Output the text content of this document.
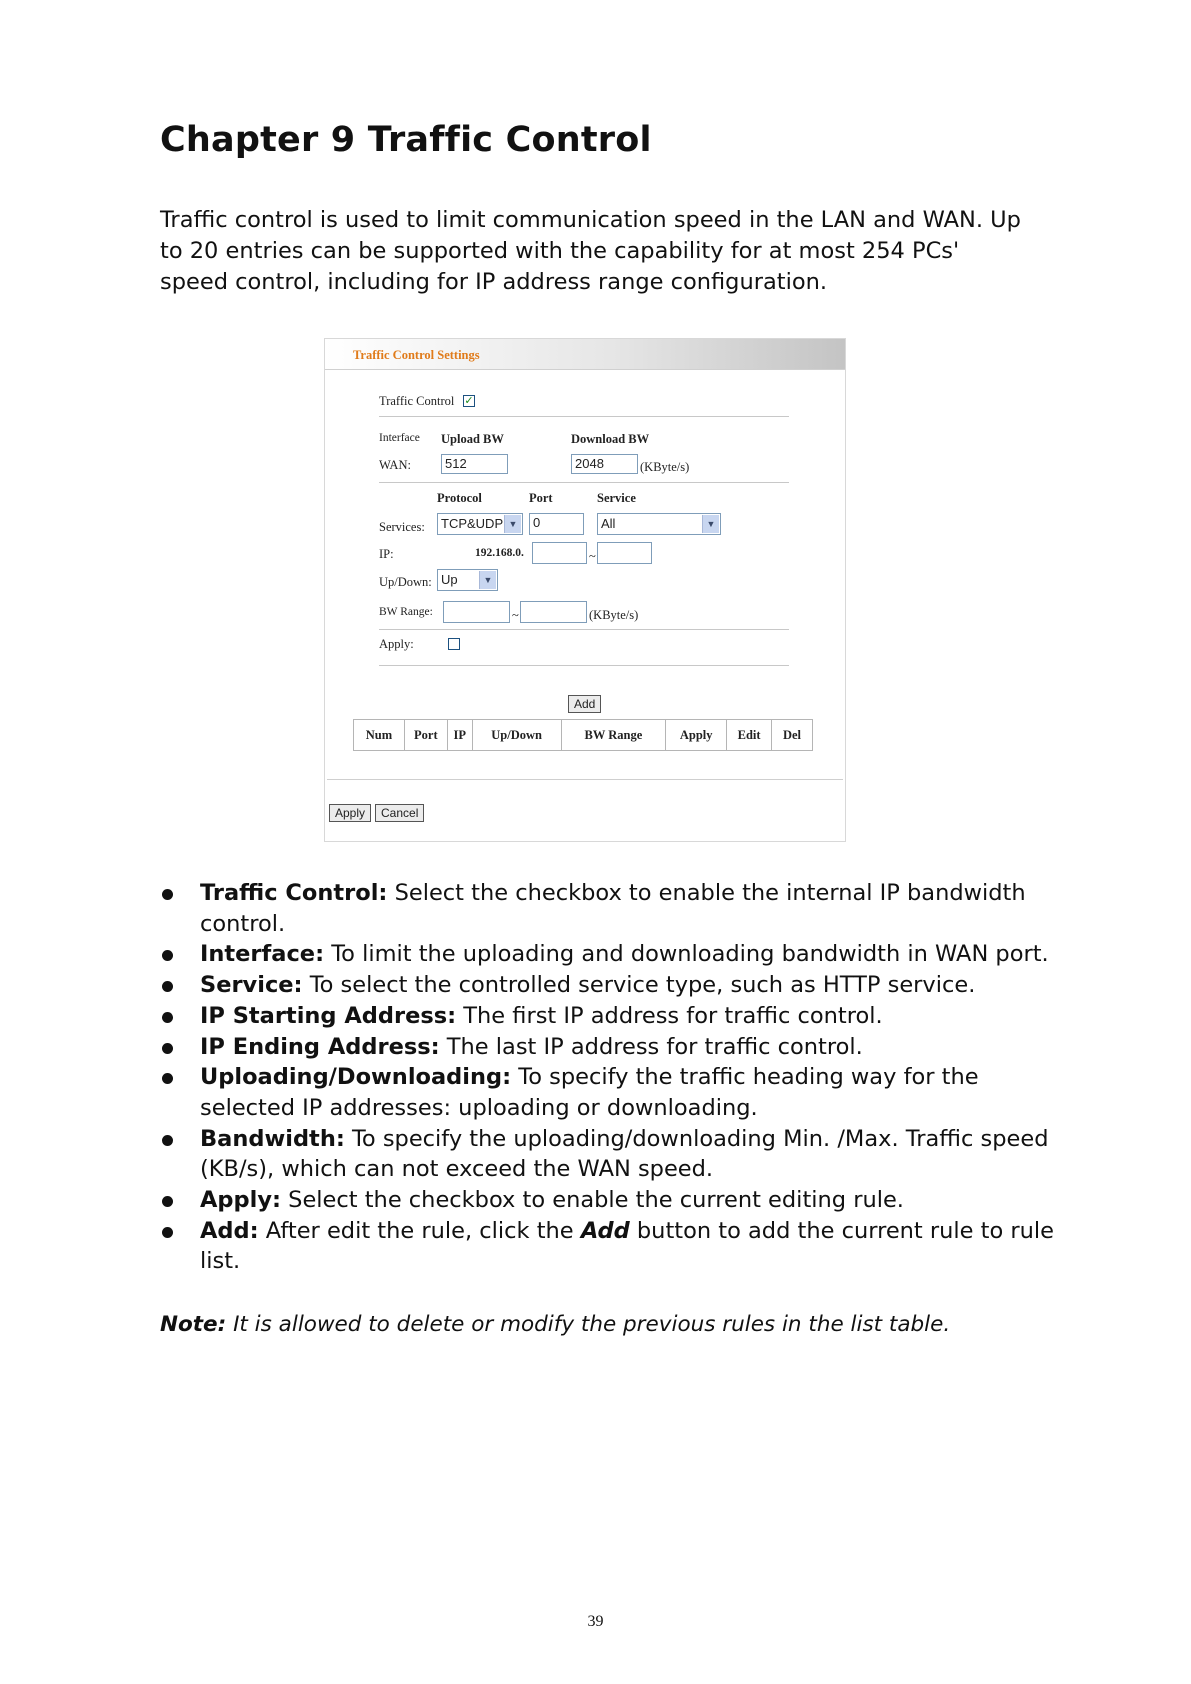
Chapter 9 Traffic Control

Traffic control is used to limit communication speed in the LAN and WAN. Up to 20 entries can be supported with the capability for at most 254 PCs' speed control, including for IP address range configuration.

Traffic Control Settings
Traffic Control ✓
Interface Upload BW	Download BW
WAN:	512	2048	(KByte/s)
Protocol	Port	Service
Services:	TCP&UDP ▼	0	All	▼
IP:	192.168.0.	~
Up/Down: Up	▼
BW Range:	~	(KByte/s)
Apply:
Add
Num	Port	IP	Up/Down	BW Range	Apply	Edit	Del
Apply	Cancel
Traffic Control: Select the checkbox to enable the internal IP bandwidth control.
Interface: To limit the uploading and downloading bandwidth in WAN port.
Service: To select the controlled service type, such as HTTP service.
IP Starting Address: The first IP address for traffic control.
IP Ending Address: The last IP address for traffic control.
Uploading/Downloading: To specify the traffic heading way for the selected IP addresses: uploading or downloading.
Bandwidth: To specify the uploading/downloading Min. /Max. Traffic speed (KB/s), which can not exceed the WAN speed.
Apply: Select the checkbox to enable the current editing rule.
Add: After edit the rule, click the Add button to add the current rule to rule list.

Note: It is allowed to delete or modify the previous rules in the list table.

39
